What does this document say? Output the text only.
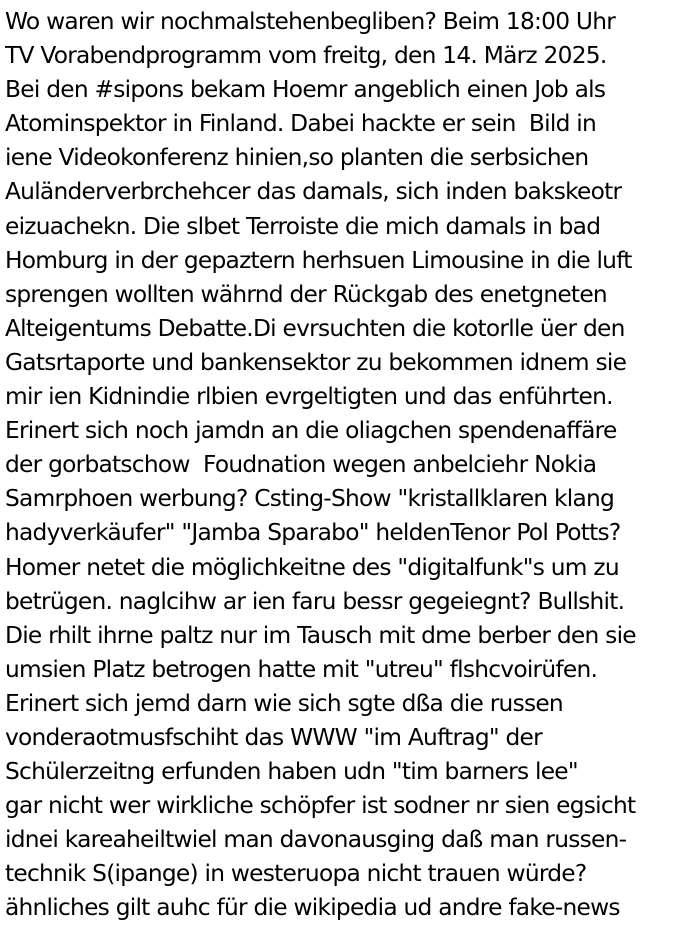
Wo waren wir nochmalstehenbegliben? Beim 18:00 Uhr
TV Vorabendprogramm vom freitg, den 14. März 2025.
Bei den #sipons bekam Hoemr angeblich einen Job als
Atominspektor in Finland. Dabei hackte er sein  Bild in
iene Videokonferenz hinien,so planten die serbsichen
Auländerverbrchehcer das damals, sich inden bakskeotr
eizuachekn. Die slbet Terroiste die mich damals in bad
Homburg in der gepaztern herhsuen Limousine in die luft
sprengen wollten währnd der Rückgab des enetgneten
Alteigentums Debatte.Di evrsuchten die kotorlle üer den
Gatsrtaporte und bankensektor zu bekommen idnem sie
mir ien Kidnindie rlbien evrgeltigten und das enführten.
Erinert sich noch jamdn an die oliagchen spendenaffäre
der gorbatschow  Foudnation wegen anbelciehr Nokia
Samrphoen werbung? Csting-Show "kristallklaren klang
hadyverkäufer" "Jamba Sparabo" heldenTenor Pol Potts?
Homer netet die möglichkeitne des "digitalfunk"s um zu
betrügen. naglcihw ar ien faru bessr gegeiegnt? Bullshit.
Die rhilt ihrne paltz nur im Tausch mit dme berber den sie
umsien Platz betrogen hatte mit "utreu" flshcvoirüfen.
Erinert sich jemd darn wie sich sgte dßa die russen
vonderaotmusfschiht das WWW "im Auftrag" der
Schülerzeitng erfunden haben udn "tim barners lee"
gar nicht wer wirkliche schöpfer ist sodner nr sien egsicht
idnei kareaheiltwiel man davonausging daß man russen-
technik S(ipange) in westeruopa nicht trauen würde?
ähnliches gilt auhc für die wikipedia ud andre fake-news
